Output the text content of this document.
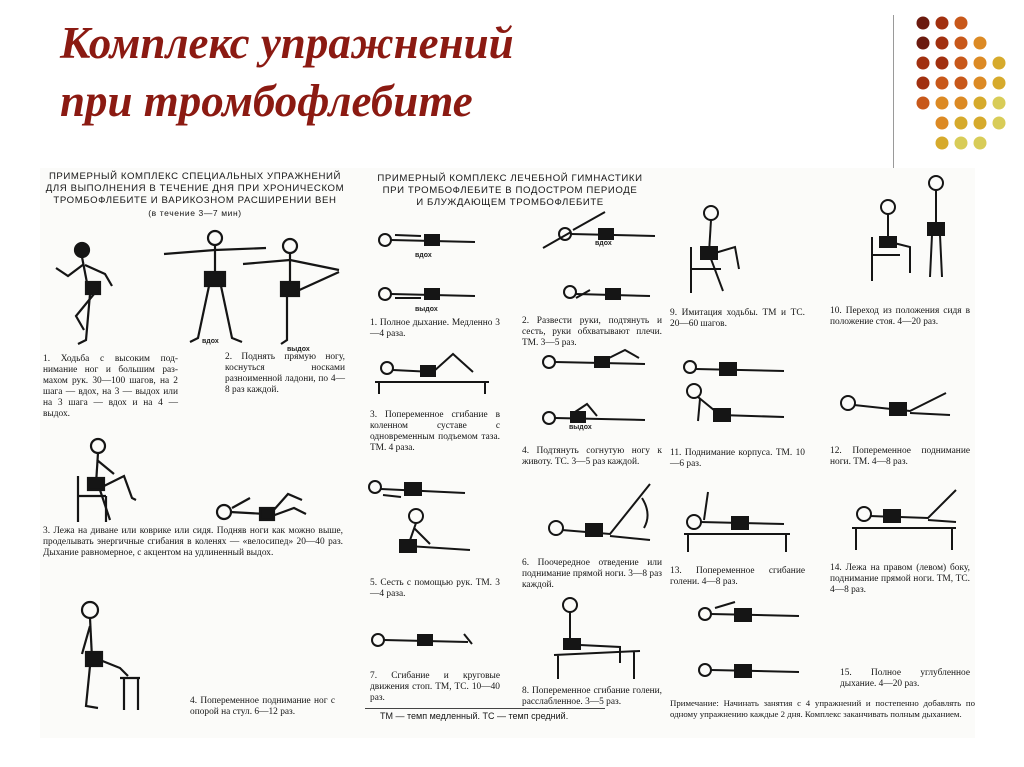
Комплекс упражнений
при тромбофлебите
ПРИМЕРНЫЙ КОМПЛЕКС СПЕЦИАЛЬНЫХ УПРАЖНЕНИЙ
ДЛЯ ВЫПОЛНЕНИЯ В ТЕЧЕНИЕ ДНЯ ПРИ ХРОНИЧЕСКОМ
ТРОМБОФЛЕБИТЕ И ВАРИКОЗНОМ РАСШИРЕНИИ ВЕН
(в течение 3—7 мин)
вдох
выдох
1. Ходьба с высоким под-нимание ног и большим раз-махом рук. 30—100 шагов, на 2 шага — вдох, на 3 — выдох или на 3 шага — вдох и на 4 — выдох.
2. Поднять прямую ногу, коснуться носками разноименной ладони, по 4—8 раз каждой.
3. Лежа на диване или коврике или сидя. Подняв ноги как можно выше, проделывать энергичные сгибания в коленях — «велосипед» 20—40 раз. Дыхание равномерное, с акцентом на удлиненный выдох.
4. Попеременное поднимание ног с опорой на стул. 6—12 раз.
ПРИМЕРНЫЙ КОМПЛЕКС ЛЕЧЕБНОЙ ГИМНАСТИКИ
ПРИ ТРОМБОФЛЕБИТЕ В ПОДОСТРОМ ПЕРИОДЕ
И БЛУЖДАЮЩЕМ ТРОМБОФЛЕБИТЕ
вдох
выдох
1. Полное дыхание. Медленно 3—4 раза.
3. Попеременное сгибание в коленном суставе с одновременным подъемом таза. ТМ. 4 раза.
5. Сесть с помощью рук. ТМ. 3—4 раза.
7. Сгибание и круговые движения стоп. ТМ, ТС. 10—40 раз.
вдох
2. Развести руки, подтянуть и сесть, руки обхватывают плечи. ТМ. 3—5 раз.
выдох
4. Подтянуть согнутую ногу к животу. ТС. 3—5 раз каждой.
6. Поочередное отведение или поднимание прямой ноги. 3—8 раз каждой.
8. Попеременное сгибание голени, расслабленное. 3—5 раз.
9. Имитация ходьбы. ТМ и ТС. 20—60 шагов.
11. Поднимание корпуса. ТМ. 10—6 раз.
13. Попеременное сгибание голени. 4—8 раз.
10. Переход из положения сидя в положение стоя. 4—20 раз.
12. Попеременное поднимание ноги. ТМ. 4—8 раз.
14. Лежа на правом (левом) боку, поднимание прямой ноги. ТМ, ТС. 4—8 раз.
15. Полное углубленное дыхание. 4—20 раз.
ТМ — темп медленный. ТС — темп средний.
Примечание: Начинать занятия с 4 упражнений и постепенно добавлять по одному упражнению каждые 2 дня. Комплекс заканчивать полным дыханием.
